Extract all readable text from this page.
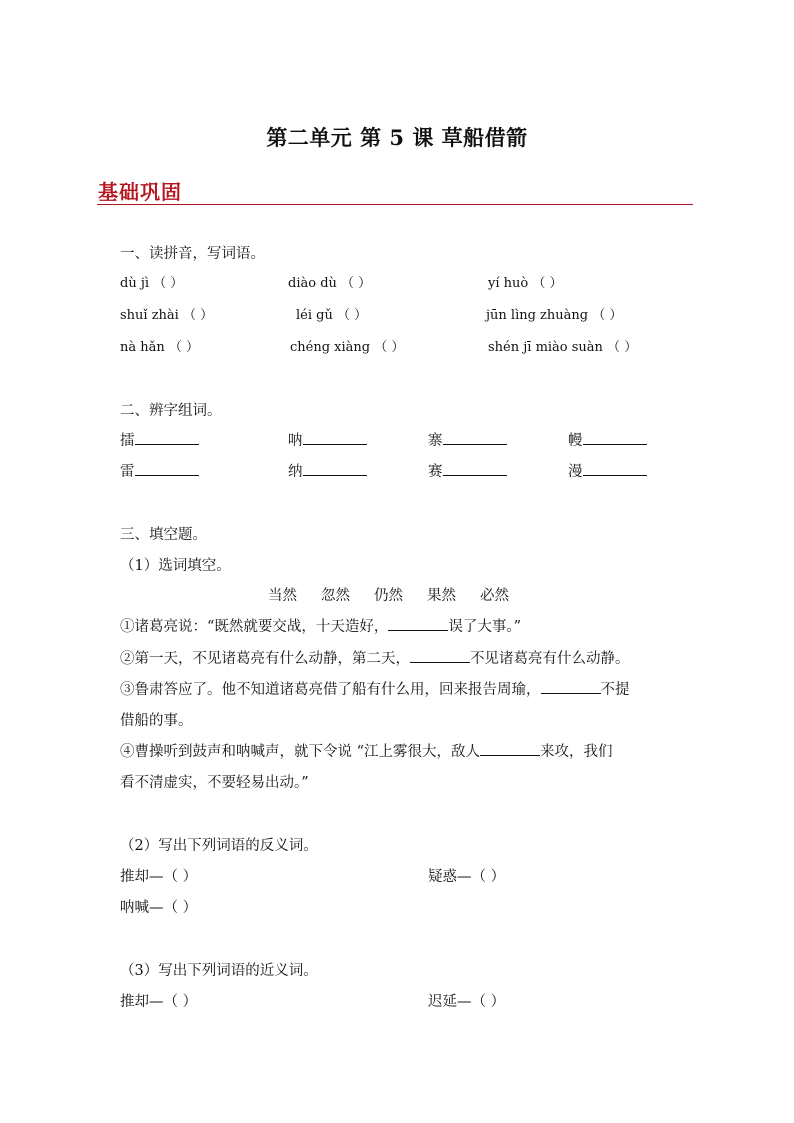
第二单元 第 5 课 草船借箭
基础巩固
一、读拼音，写词语。
dù jì （ ）	diào dù （ ）	yí huò （ ）
shuǐ zhài （ ）	léi gǔ （ ）	jūn lìng zhuàng （ ）
nà hǎn （ ）	chéng xiàng （ ）	shén jī miào suàn （ ）
二、辨字组词。
擂	呐	寨	幔
雷	纳	赛	漫
三、填空题。
（1）选词填空。
当然 忽然 仍然 果然 必然
①诸葛亮说：“既然就要交战，十天造好，	误了大事。”
②第一天，不见诸葛亮有什么动静，第二天，	不见诸葛亮有什么动静。
③鲁肃答应了。他不知道诸葛亮借了船有什么用，回来报告周瑜，	不提
借船的事。
④曹操听到鼓声和呐喊声，就下令说 “江上雾很大，敌人	来攻，我们
看不清虚实，不要轻易出动。”
（2）写出下列词语的反义词。
推却—（ ）	疑惑—（ ）
呐喊—（ ）
（3）写出下列词语的近义词。
推却—（ ）	迟延—（ ）
